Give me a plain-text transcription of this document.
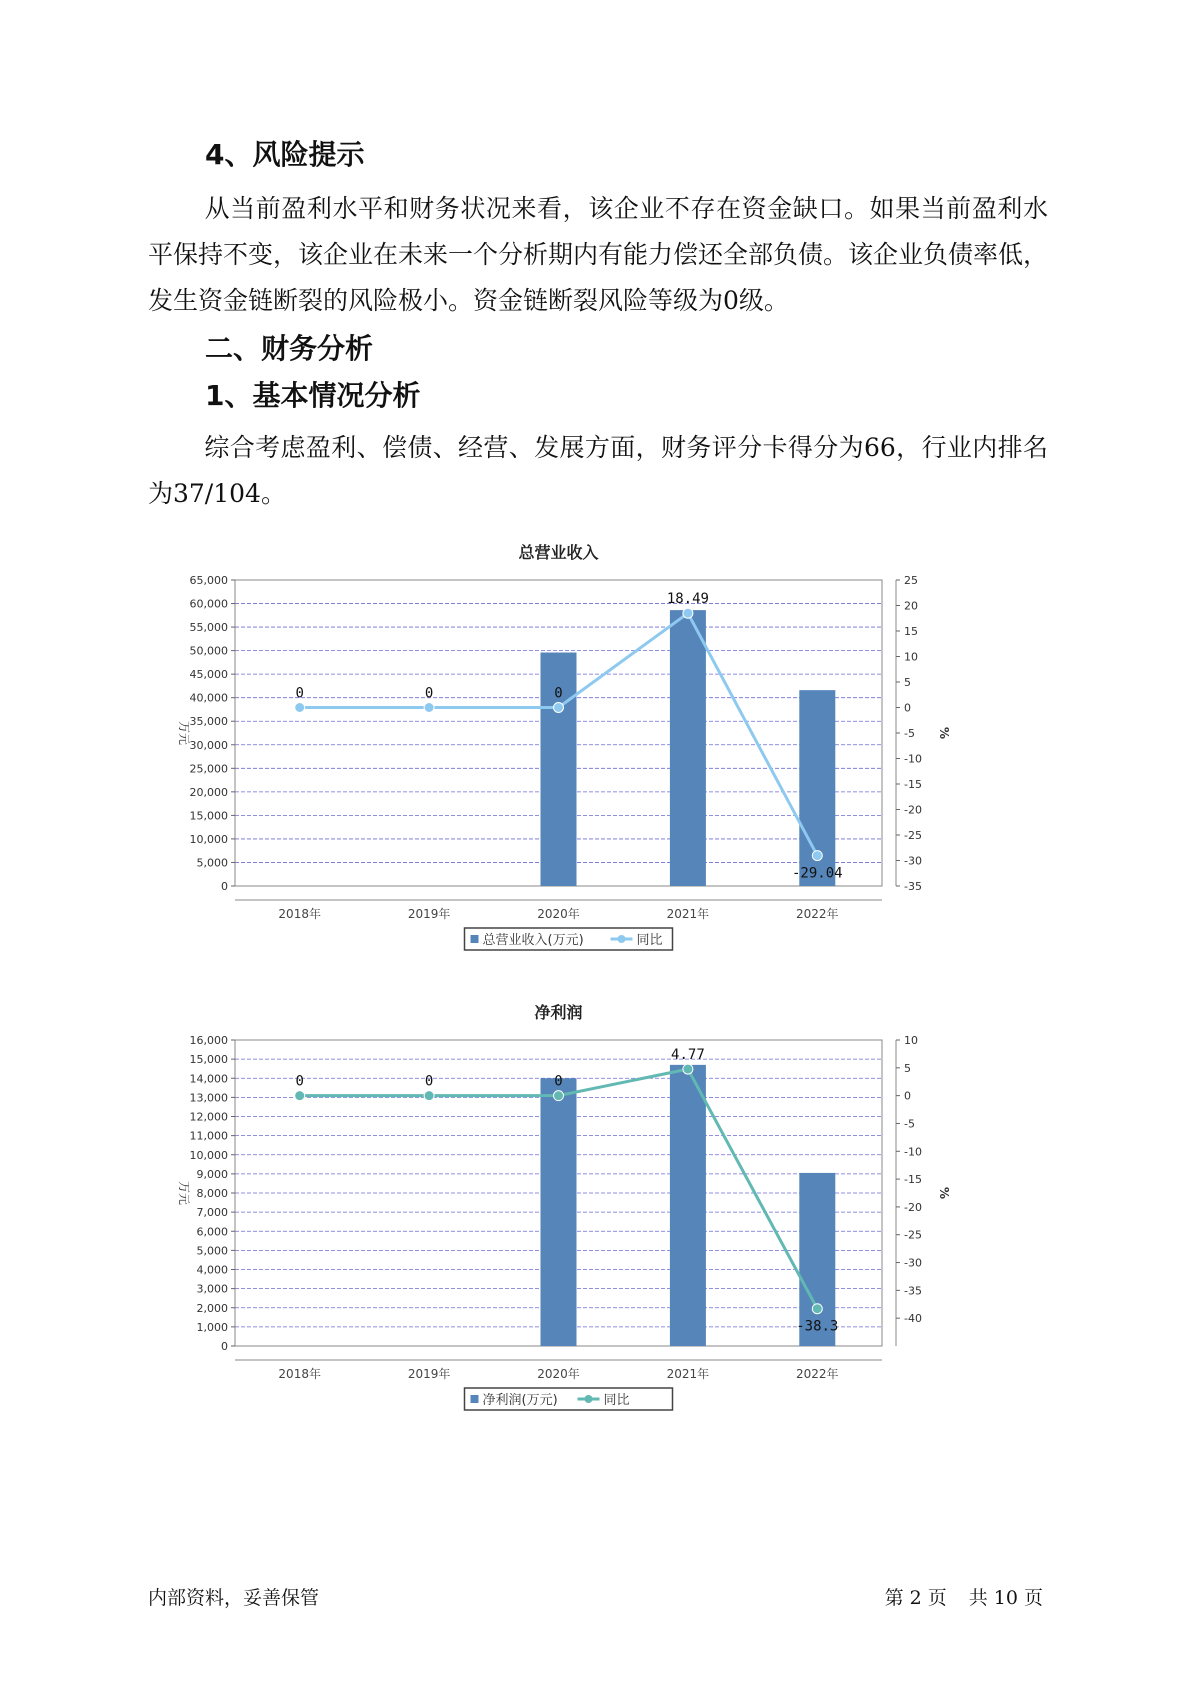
4、风险提示

从当前盈利水平和财务状况来看，该企业不存在资金缺口。如果当前盈利水平保持不变，该企业在未来一个分析期内有能力偿还全部负债。该企业负债率低，发生资金链断裂的风险极小。资金链断裂风险等级为0级。

二、财务分析
1、基本情况分析

综合考虑盈利、偿债、经营、发展方面，财务评分卡得分为66，行业内排名为37/104。

总营业收入
65,000
60,000
55,000
50,000
45,000
40,000
35,000
30,000
25,000
20,000
15,000
10,000
5,000
0
25
20
15
10
5
0
-5
-10
-15
-20
-25
-30
-35
万元	%
2018年	2019年	2020年	2021年	2022年
0	0	0
18.49
-29.04
总营业收入(万元)	同比
净利润
16,000
15,000
14,000
13,000
12,000
11,000
10,000
9,000
8,000
7,000
6,000
5,000
4,000
3,000
2,000
1,000
0
10
5
0
-5
-10
-15
-20
-25
-30
-35
-40
万元	%
2018年	2019年	2020年	2021年	2022年
0	0	0
4.77
-38.3
净利润(万元)	同比
内部资料，妥善保管	第 2 页 共 10 页
